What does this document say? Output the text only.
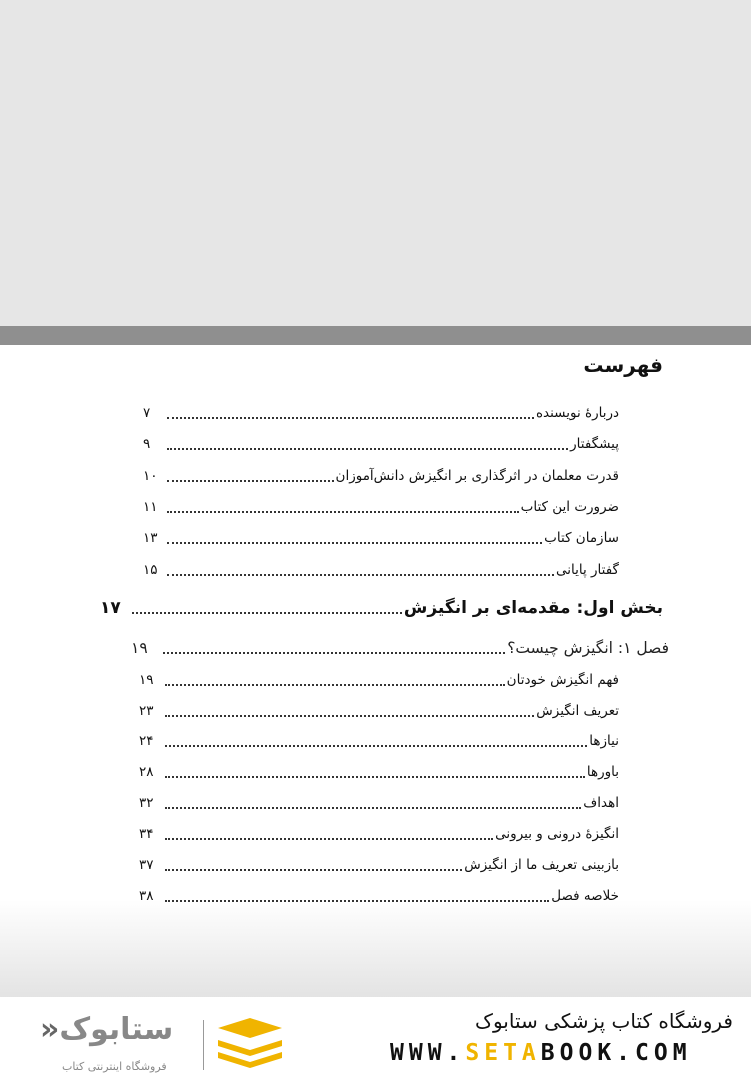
فهرست
دربارۀ نویسنده
۷
پیشگفتار
۹
قدرت معلمان در اثرگذاری بر انگیزش دانش‌آموزان
۱۰
ضرورت این کتاب
۱۱
سازمان کتاب
۱۳
گفتار پایانی
۱۵
بخش اول: مقدمه‌ای بر انگیزش
۱۷
فصل ۱: انگیزش چیست؟
۱۹
فهم انگیزش خودتان
۱۹
تعریف انگیزش
۲۳
نیازها
۲۴
باورها
۲۸
اهداف
۳۲
انگیزۀ درونی و بیرونی
۳۴
بازبینی تعریف ما از انگیزش
۳۷
خلاصه فصل
۳۸
فروشگاه کتاب پزشکی ستابوک
WWW.SETABOOK.COM
ستابوک«
فروشگاه اینترنتی کتاب
